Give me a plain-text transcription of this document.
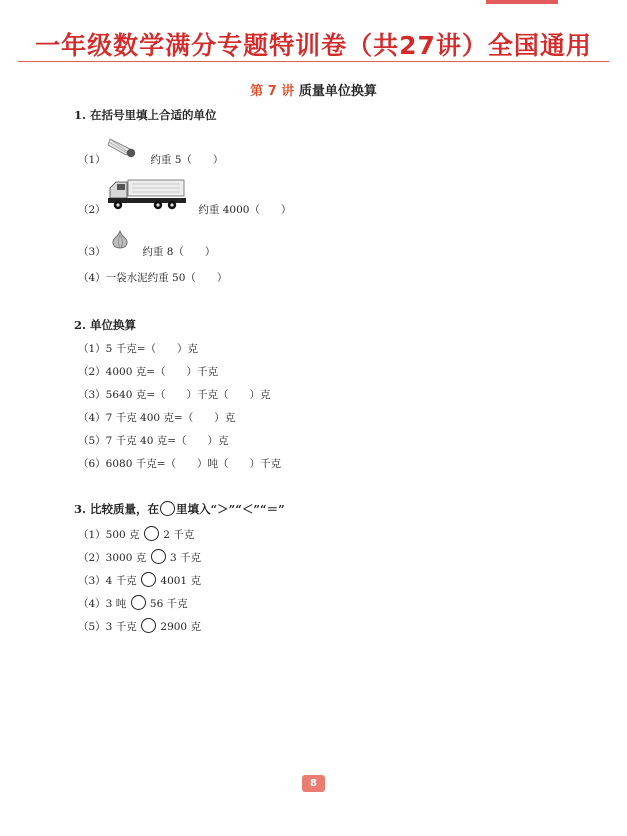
一年级数学满分专题特训卷（共27讲）全国通用
第 7 讲 质量单位换算
1. 在括号里填上合适的单位
（1）	约重 5（　　）
（2）	约重 4000（　　）
（3）	约重 8（　　）
（4）一袋水泥约重 50（　　）
2. 单位换算
（1）5 千克=（　　）克
（2）4000 克=（　　）千克
（3）5640 克=（　　）千克（　　）克
（4）7 千克 400 克=（　　）克
（5）7 千克 40 克=（　　）克
（6）6080 千克=（　　）吨（　　）千克
3. 比较质量，在 里填入“＞”“＜”“＝”
（1）500 克 2 千克
（2）3000 克 3 千克
（3）4 千克 4001 克
（4）3 吨 56 千克
（5）3 千克 2900 克
8
